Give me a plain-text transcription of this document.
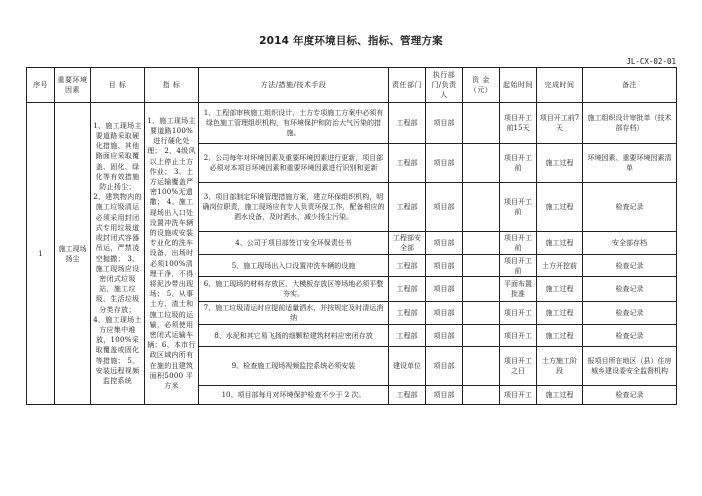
2014 年度环境目标、指标、管理方案
JL-CX-02-01
序号	重要环境因素	目 标	指 标	方法/措施/技术手段	责任部门	执行部门/负责人	资 金（元）	起始时间	完成时间	备注
1	施工现场扬尘	1、施工现场主要道路采取硬化措施、其他路面应采取覆盖、固化、绿化等有效措施防止扬尘； 2、建筑物内的施工垃圾清运必须采用封闭式专用垃圾道或封闭式容器吊运，严禁凌空抛撒； 3、施工现场应设密闭式垃圾站，施工垃圾、生活垃圾分类存放； 4、施工现场土方应集中堆放，100%采取覆盖或固化等措施； 5、安装远程视频监控系统	1、施工现场主要道路100%进行硬化处理； 2、4级风以上停止土方作业； 3、土方运输覆盖严密100%无遗撒； 4、施工现场出入口处设置冲洗车辆的设施或安装专业化的洗车设备，出场时必须100%清理干净，不得将泥沙带出现场； 5、从事土方、渣土和施工垃圾的运输，必须使用密闭式运输车辆；6、本市行政区域内所有在施的且建筑面积5000 平方米	1、工程部审核施工组织设计、土方专项施工方案中必须有绿色施工管理组织机构，有环境保护和防治大气污染的措施。	工程部	项目部		项目开工前15天	项目开工前7天	施工组织设计审批单（技术部存档）
				2、公司每年对环境因素及重要环境因素进行更新，项目部必须对本项目环境因素和重要环境因素进行识别和更新	工程部	项目部		项目开工前	施工过程	环境因素、重要环境因素清单
				3、项目部制定环境管理措施方案，建立环保组织机构，明确岗位职责，施工现场应有专人负责环保工作，配备相应的洒水设备，及时洒水，减少扬尘污染。	工程部	项目部		项目开工前	施工过程	检查记录
				4、公司于项目部签订安全环保责任书	工程部安全部	项目部		项目开工前	施工过程	安全部存档
				5、施工现场出入口设置冲洗车辆的设施	工程部	项目部		项目开工前	土方开挖前	检查记录
				6、施工现场的材料存放区、大模板存放区等场地必须平整夯实。	工程部	项目部		平面布置批准	施工过程	检查记录
				7、施工垃圾清运时应提前适量洒水，并按规定及时清运消纳	工程部	项目部		项目开工	施工过程	检查记录
				8、水泥和其它易飞扬的细颗粒建筑材料应密闭存放	工程部	项目部		项目开工	施工过程	检查记录
				9、检查施工现场视频监控系统必须安装	建设单位	项目部		项目开工之日	土方施工阶段	报项目所在地区（县）住房城乡建设委安全监督机构
				10、项目部每月对环境保护检查不少于 2 次。	工程部	项目部		项目开工	施工过程	检查记录
